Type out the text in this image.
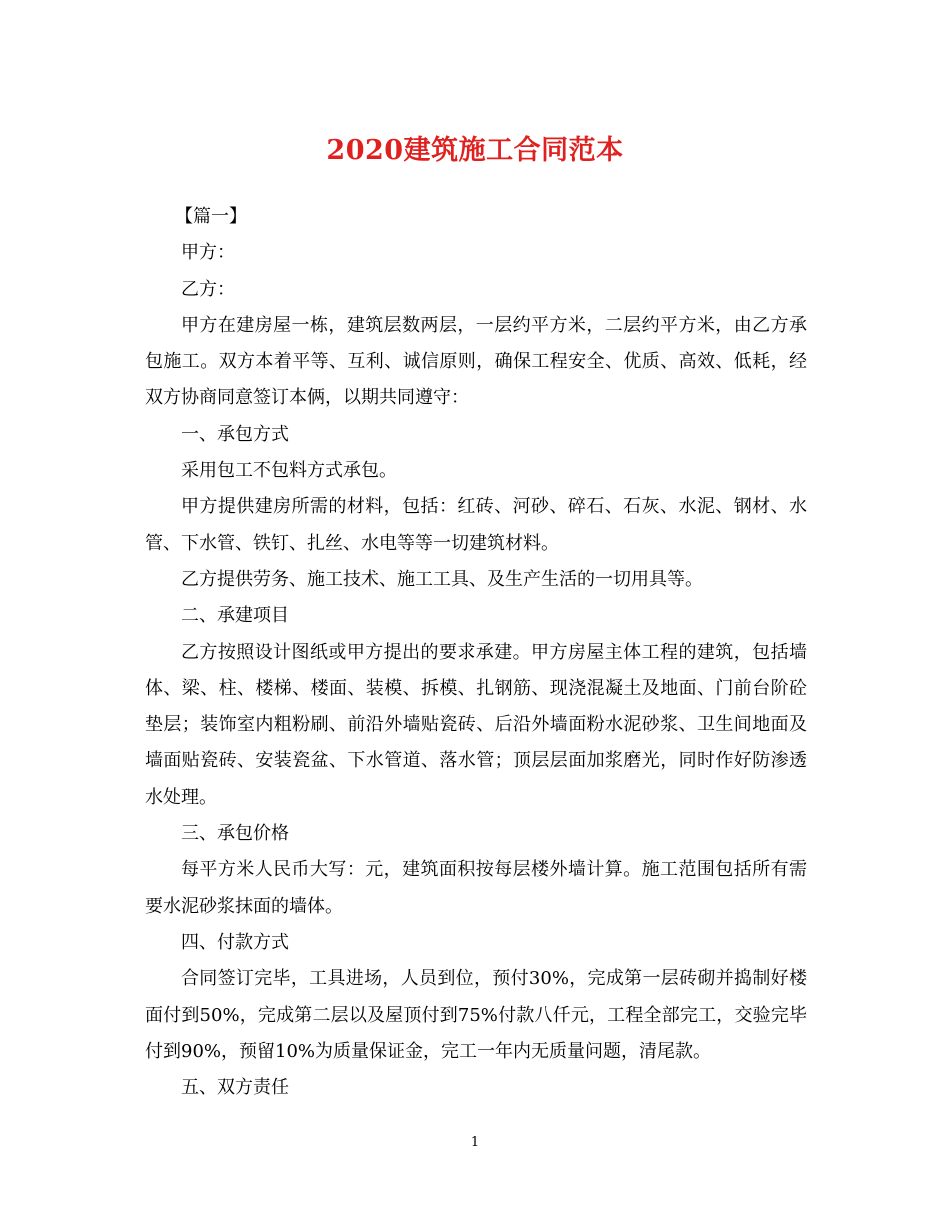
2020建筑施工合同范本

【篇一】

甲方：

乙方：

甲方在建房屋一栋，建筑层数两层，一层约平方米，二层约平方米，由乙方承包施工。双方本着平等、互利、诚信原则，确保工程安全、优质、高效、低耗，经双方协商同意签订本俩，以期共同遵守：

一、承包方式

采用包工不包料方式承包。

甲方提供建房所需的材料，包括：红砖、河砂、碎石、石灰、水泥、钢材、水管、下水管、铁钉、扎丝、水电等等一切建筑材料。

乙方提供劳务、施工技术、施工工具、及生产生活的一切用具等。

二、承建项目

乙方按照设计图纸或甲方提出的要求承建。甲方房屋主体工程的建筑，包括墙体、梁、柱、楼梯、楼面、装模、拆模、扎钢筋、现浇混凝土及地面、门前台阶砼垫层；装饰室内粗粉刷、前沿外墙贴瓷砖、后沿外墙面粉水泥砂浆、卫生间地面及墙面贴瓷砖、安装瓷盆、下水管道、落水管；顶层层面加浆磨光，同时作好防渗透水处理。

三、承包价格

每平方米人民币大写：元，建筑面积按每层楼外墙计算。施工范围包括所有需要水泥砂浆抹面的墙体。

四、付款方式

合同签订完毕，工具进场，人员到位，预付30%，完成第一层砖砌并捣制好楼面付到50%，完成第二层以及屋顶付到75%付款八仟元，工程全部完工，交验完毕付到90%，预留10%为质量保证金，完工一年内无质量问题，清尾款。

五、双方责任

1
